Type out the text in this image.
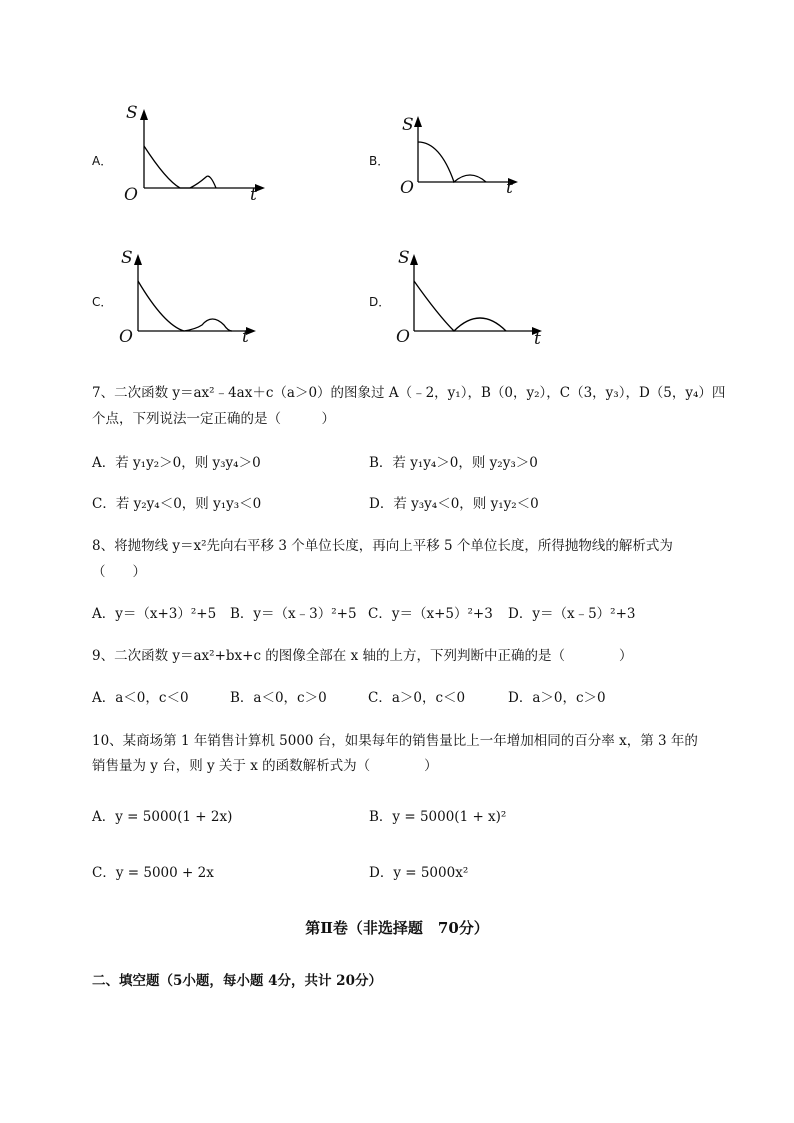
A．
S
t
O
B．
S
t
O
C．
S
t
O
D．
S
t
O
7、二次函数 y＝ax²﹣4ax＋c（a＞0）的图象过 A（﹣2，y₁），B（0，y₂），C（3，y₃），D（5，y₄）四
个点，下列说法一定正确的是（　　　）
A．若 y₁y₂＞0，则 y₃y₄＞0	B．若 y₁y₄＞0，则 y₂y₃＞0
C．若 y₂y₄＜0，则 y₁y₃＜0	D．若 y₃y₄＜0，则 y₁y₂＜0
8、将抛物线 y＝x²先向右平移 3 个单位长度，再向上平移 5 个单位长度，所得抛物线的解析式为
（　　）
A．y＝（x+3）²+5 B．y＝（x﹣3）²+5 C．y＝（x+5）²+3 D．y＝（x﹣5）²+3
9、二次函数 y＝ax²+bx+c 的图像全部在 x 轴的上方，下列判断中正确的是（　　　　）
A．a＜0，c＜0	B．a＜0，c＞0	C．a＞0，c＜0	D．a＞0，c＞0
10、某商场第 1 年销售计算机 5000 台，如果每年的销售量比上一年增加相同的百分率 x，第 3 年的
销售量为 y 台，则 y 关于 x 的函数解析式为（　　　　）
A．y = 5000(1 + 2x)	B．y = 5000(1 + x)²
C．y = 5000 + 2x	D．y = 5000x²
第Ⅱ卷（非选择题　70分）
二、填空题（5小题，每小题 4分，共计 20分）
